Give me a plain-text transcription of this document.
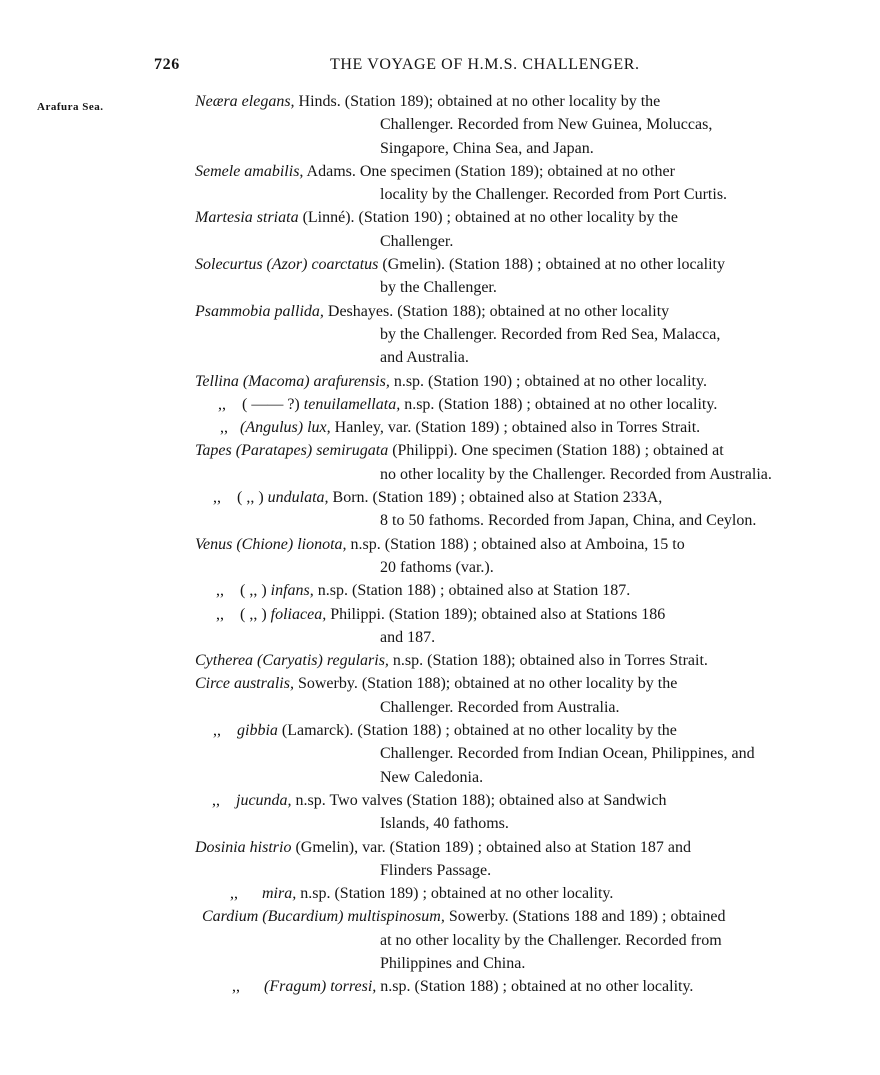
726	THE VOYAGE OF H.M.S. CHALLENGER.
Arafura Sea.	Neæra elegans, Hinds. (Station 189); obtained at no other locality by the
Challenger. Recorded from New Guinea, Moluccas,
Singapore, China Sea, and Japan.
Semele amabilis, Adams. One specimen (Station 189); obtained at no other
locality by the Challenger. Recorded from Port Curtis.
Martesia striata (Linné). (Station 190) ; obtained at no other locality by the
Challenger.
Solecurtus (Azor) coarctatus (Gmelin). (Station 188) ; obtained at no other locality
by the Challenger.
Psammobia pallida, Deshayes. (Station 188); obtained at no other locality
by the Challenger. Recorded from Red Sea, Malacca,
and Australia.
Tellina (Macoma) arafurensis, n.sp. (Station 190) ; obtained at no other locality.
,, ( —— ?) tenuilamellata, n.sp. (Station 188) ; obtained at no other locality.
,, (Angulus) lux, Hanley, var. (Station 189) ; obtained also in Torres Strait.
Tapes (Paratapes) semirugata (Philippi). One specimen (Station 188) ; obtained at
no other locality by the Challenger. Recorded from Australia.
,, ( ,, ) undulata, Born. (Station 189) ; obtained also at Station 233A,
8 to 50 fathoms. Recorded from Japan, China, and Ceylon.
Venus (Chione) lionota, n.sp. (Station 188) ; obtained also at Amboina, 15 to
20 fathoms (var.).
,, ( ,, ) infans, n.sp. (Station 188) ; obtained also at Station 187.
,, ( ,, ) foliacea, Philippi. (Station 189); obtained also at Stations 186
and 187.
Cytherea (Caryatis) regularis, n.sp. (Station 188); obtained also in Torres Strait.
Circe australis, Sowerby. (Station 188); obtained at no other locality by the
Challenger. Recorded from Australia.
,, gibbia (Lamarck). (Station 188) ; obtained at no other locality by the
Challenger. Recorded from Indian Ocean, Philippines, and
New Caledonia.
,, jucunda, n.sp. Two valves (Station 188); obtained also at Sandwich
Islands, 40 fathoms.
Dosinia histrio (Gmelin), var. (Station 189) ; obtained also at Station 187 and
Flinders Passage.
,, mira, n.sp. (Station 189) ; obtained at no other locality.
Cardium (Bucardium) multispinosum, Sowerby. (Stations 188 and 189) ; obtained
at no other locality by the Challenger. Recorded from
Philippines and China.
,, (Fragum) torresi, n.sp. (Station 188) ; obtained at no other locality.
